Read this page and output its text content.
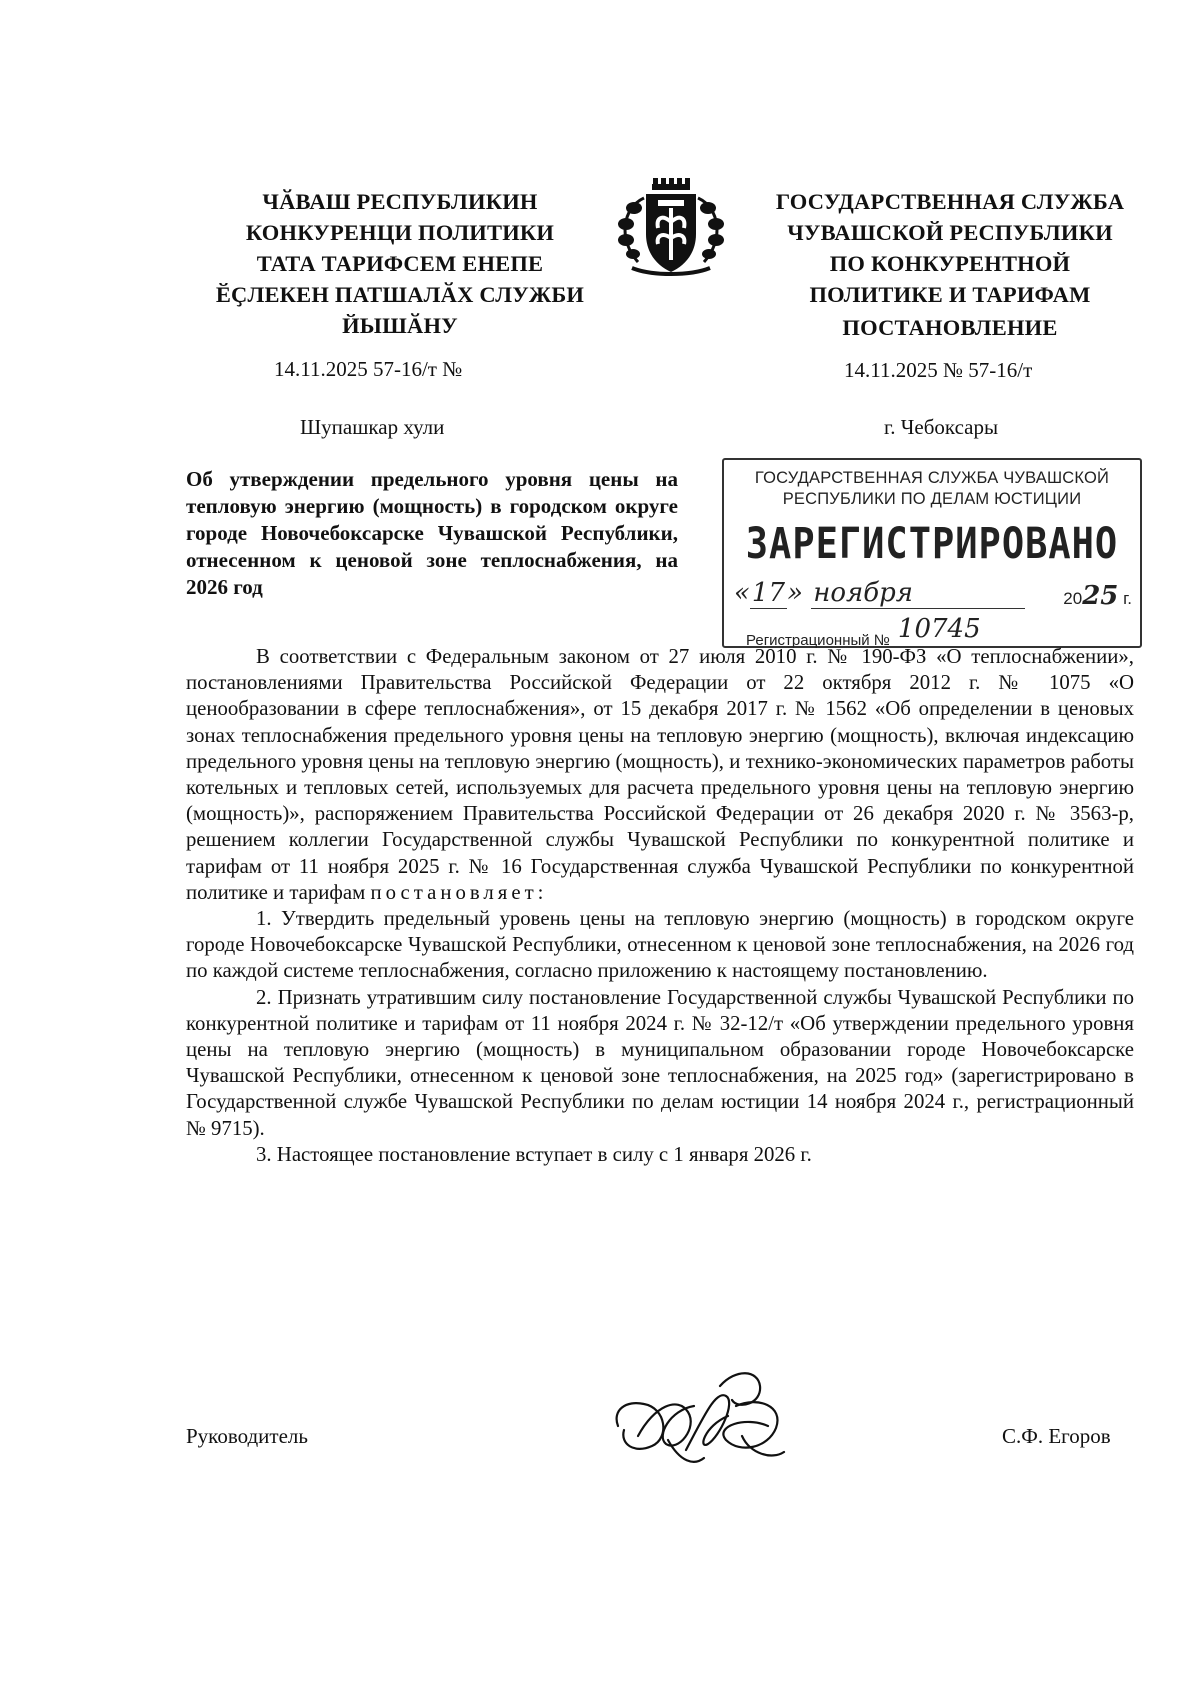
ЧӐВАШ РЕСПУБЛИКИН
КОНКУРЕНЦИ ПОЛИТИКИ
ТАТА ТАРИФСЕМ ЕНЕПЕ
ӖҪЛЕКЕН ПАТШАЛӐХ СЛУЖБИ
ЙЫШӐНУ
ГОСУДАРСТВЕННАЯ СЛУЖБА
ЧУВАШСКОЙ РЕСПУБЛИКИ
ПО КОНКУРЕНТНОЙ
ПОЛИТИКЕ И ТАРИФАМ
ПОСТАНОВЛЕНИЕ
14.11.2025 57-16/т №	14.11.2025 № 57-16/т
Шупашкар хули	г. Чебоксары
Об утверждении предельного уровня цены на тепловую энергию (мощность) в городском округе городе Новочебоксарске Чувашской Республики, отнесенном к ценовой зоне теплоснабжения, на 2026 год
ГОСУДАРСТВЕННАЯ СЛУЖБА ЧУВАШСКОЙ
РЕСПУБЛИКИ ПО ДЕЛАМ ЮСТИЦИИ
ЗАРЕГИСТРИРОВАНО
«17» ноября	2025 г.
Регистрационный № 10745

В соответствии с Федеральным законом от 27 июля 2010 г. № 190-ФЗ «О теплоснабжении», постановлениями Правительства Российской Федерации от 22 октября 2012 г. № 1075 «О ценообразовании в сфере теплоснабжения», от 15 декабря 2017 г. № 1562 «Об определении в ценовых зонах теплоснабжения предельного уровня цены на тепловую энергию (мощность), включая индексацию предельного уровня цены на тепловую энергию (мощность), и технико-экономических параметров работы котельных и тепловых сетей, используемых для расчета предельного уровня цены на тепловую энергию (мощность)», распоряжением Правительства Российской Федерации от 26 декабря 2020 г. № 3563-р, решением коллегии Государственной службы Чувашской Республики по конкурентной политике и тарифам от 11 ноября 2025 г. № 16 Государственная служба Чувашской Республики по конкурентной политике и тарифам постановляет:

1. Утвердить предельный уровень цены на тепловую энергию (мощность) в городском округе городе Новочебоксарске Чувашской Республики, отнесенном к ценовой зоне теплоснабжения, на 2026 год по каждой системе теплоснабжения, согласно приложению к настоящему постановлению.

2. Признать утратившим силу постановление Государственной службы Чувашской Республики по конкурентной политике и тарифам от 11 ноября 2024 г. № 32-12/т «Об утверждении предельного уровня цены на тепловую энергию (мощность) в муниципальном образовании городе Новочебоксарске Чувашской Республики, отнесенном к ценовой зоне теплоснабжения, на 2025 год» (зарегистрировано в Государственной службе Чувашской Республики по делам юстиции 14 ноября 2024 г., регистрационный № 9715).

3. Настоящее постановление вступает в силу с 1 января 2026 г.

Руководитель	С.Ф. Егоров
